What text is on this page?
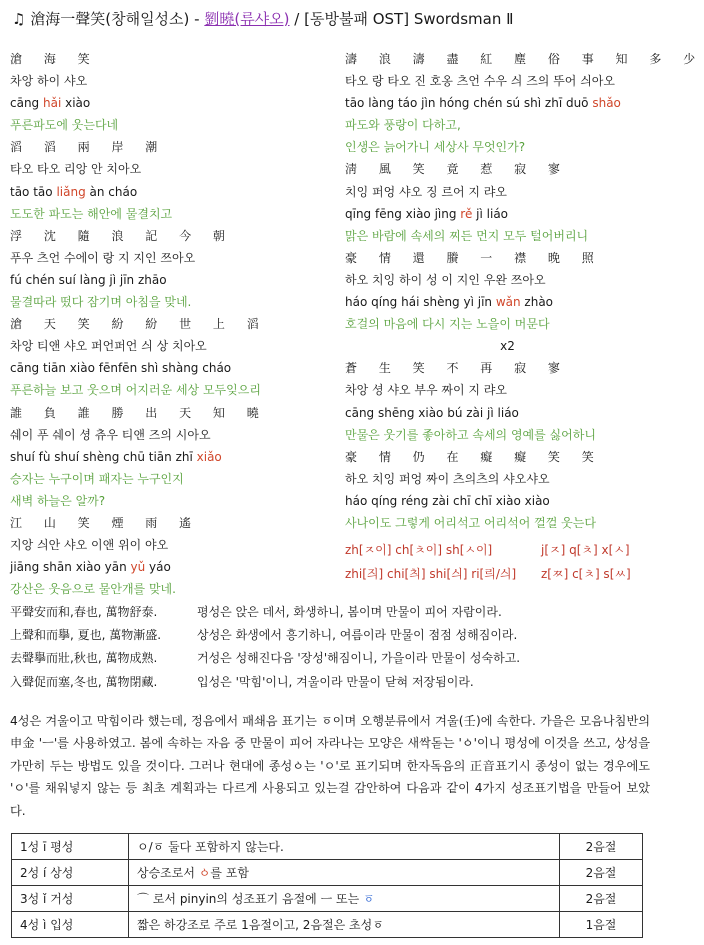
♫ 滄海一聲笑(창해일성소) - 劉曉(류샤오) / [동방불패 OST] Swordsman Ⅱ
滄 海 笑
차앙 하이 샤오
cāng hǎi xiào
푸른파도에 웃는다네
滔 滔 兩 岸 潮
타오 타오 리앙 안 치아오
tāo tāo liǎng àn cháo
도도한 파도는 해안에 물결치고
浮 沈 隨 浪 記 今 朝
푸우 츠언 수에이 랑 지 지인 쯔아오
fú chén suí làng jì jīn zhāo
물결따라 떴다 잠기며 아침을 맞네.
滄 天 笑 紛 紛 世 上 滔
차앙 티앤 샤오 퍼언퍼언 싀 상 치아오
cāng tiān xiào fēnfēn shì shàng cháo
푸른하늘 보고 웃으며 어지러운 세상 모두잊으리
誰 負 誰 勝 出 天 知 曉
쉐이 푸 쉐이 셩 츄우 티앤 즈의 시아오
shuí fù shuí shèng chū tiān zhī xiǎo
승자는 누구이며 패자는 누구인지
새벽 하늘은 알까?
江 山 笑 煙 雨 遙
지앙 싀안 샤오 이앤 위이 야오
jiāng shān xiào yān yǔ yáo
강산은 웃음으로 물안개를 맞네.
濤 浪 濤 盡 紅 塵 俗 事 知 多 少
타오 랑 타오 진 호옹 츠언 수우 싀 즈의 뚜어 싀아오
tāo làng táo jìn hóng chén sú shì zhī duō shǎo
파도와 풍랑이 다하고,
인생은 늙어가니 세상사 무엇인가?
淸 風 笑 竟 惹 寂 寥
치잉 퍼엉 샤오 징 르어 지 랴오
qīng fēng xiào jìng rě jì liáo
맑은 바람에 속세의 찌든 먼지 모두 털어버리니
豪 情 還 賸 一 襟 晚 照
하오 치잉 하이 성 이 지인 우완 쯔아오
háo qíng hái shèng yì jīn wǎn zhào
호걸의 마음에 다시 지는 노을이 머문다
x2
蒼 生 笑 不 再 寂 寥
차앙 셩 샤오 부우 짜이 지 랴오
cāng shēng xiào bú zài jì liáo
만물은 웃기를 좋아하고 속세의 영예를 싫어하니
豪 情 仍 在 癡 癡 笑 笑
하오 치잉 퍼엉 짜이 츠의츠의 샤오샤오
háo qíng réng zài chī chī xiào xiào
사나이도 그렇게 어리석고 어리석어 껄껄 웃는다
zh[ㅈ이] ch[ㅊ이] sh[ㅅ이]	j[ㅈ] q[ㅊ] x[ㅅ]
zhi[즤] chi[츼] shi[싀] ri[릐/싀] z[ㅉ] c[ㅊ] s[ㅆ]
平聲安而和,春也, 萬物舒泰.	평성은 앉은 데서, 화생하니, 봄이며 만물이 피어 자람이라.
上聲和而擧, 夏也, 萬物漸盛.	상성은 화생에서 흥기하니, 여름이라 만물이 점점 성해짐이라.
去聲擧而壯,秋也, 萬物成熟.	거성은 성해진다음 '장성'해짐이니, 가을이라 만물이 성숙하고.
入聲促而塞,冬也, 萬物閉藏.	입성은 '막힘'이니, 겨울이라 만물이 닫혀 저장됨이라.
4성은 겨울이고 막힘이라 했는데, 정음에서 패쇄음 표기는 ㆆ이며 오행분류에서 겨울(壬)에 속한다. 가을은 모음나침반의 申金 'ㅡ'를 사용하였고. 봄에 속하는 자음 중 만물이 피어 자라나는 모양은 새싹돋는 'ㆁ'이니 평성에 이것을 쓰고, 상성을 가만히 두는 방법도 있을 것이다. 그러나 현대에 종성ㆁ는 'ㅇ'로 표기되며 한자독음의 正音표기시 종성이 없는 경우에도 'ㅇ'를 채워넣지 않는 등 최초 계획과는 다르게 사용되고 있는걸 감안하여 다음과 같이 4가지 성조표기법을 만들어 보았다.
1성 ī 평성	ㅇ/ㆆ 둘다 포함하지 않는다.	2음절
2성 í 상성	상승조로서 ㆁ를 포함	2음절
3성 ǐ 거성	⌒ 로서 pinyin의 성조표기 음절에 ㅡ 또는 ㆆ	2음절
4성 ì 입성	짧은 하강조로 주로 1음절이고, 2음절은 초성ㆆ	1음절
